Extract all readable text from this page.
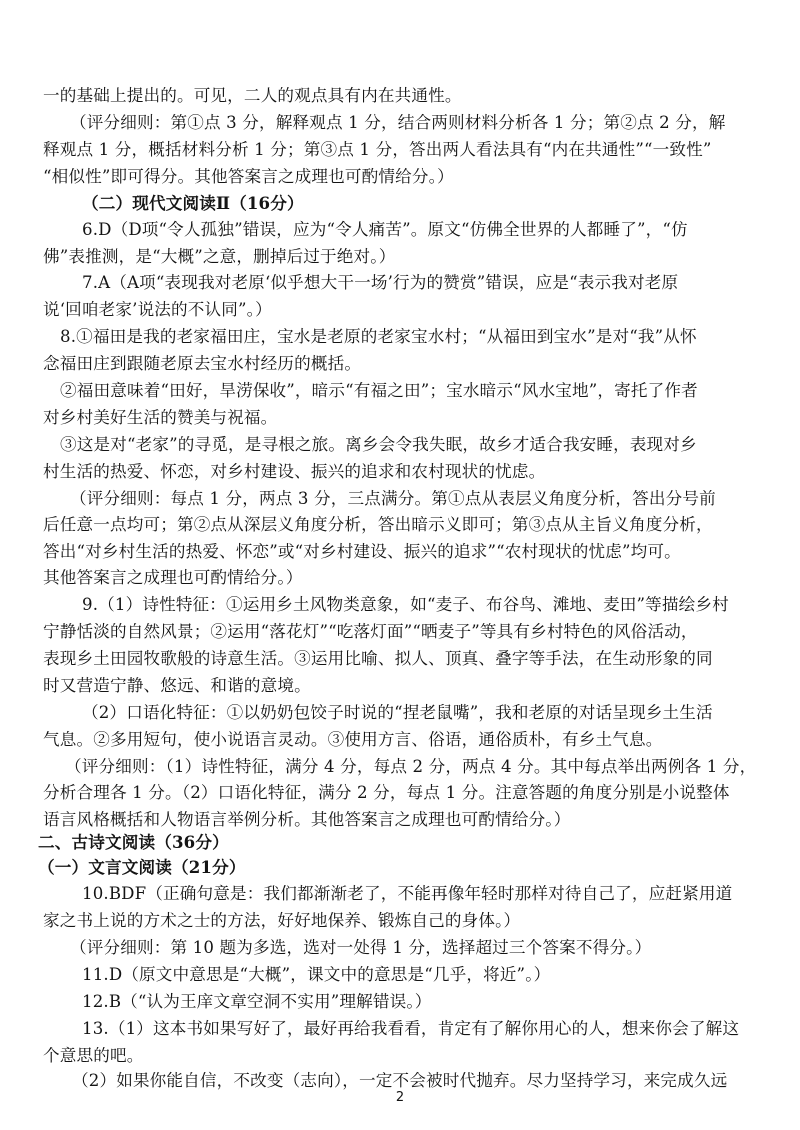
一的基础上提出的。可见，二人的观点具有内在共通性。
（评分细则：第①点 3 分，解释观点 1 分，结合两则材料分析各 1 分；第②点 2 分，解
释观点 1 分，概括材料分析 1 分；第③点 1 分，答出两人看法具有“内在共通性”“一致性”
“相似性”即可得分。其他答案言之成理也可酌情给分。）
（二）现代文阅读Ⅱ（16分）
6.D（D项“令人孤独”错误，应为“令人痛苦”。原文“仿佛全世界的人都睡了”，“仿
佛”表推测，是“大概”之意，删掉后过于绝对。）
7.A（A项“表现我对老原‘似乎想大干一场’行为的赞赏”错误，应是“表示我对老原
说‘回咱老家’说法的不认同”。）
8.①福田是我的老家福田庄，宝水是老原的老家宝水村；“从福田到宝水”是对“我”从怀
念福田庄到跟随老原去宝水村经历的概括。
②福田意味着“田好，旱涝保收”，暗示“有福之田”；宝水暗示“风水宝地”，寄托了作者
对乡村美好生活的赞美与祝福。
③这是对“老家”的寻觅，是寻根之旅。离乡会令我失眠，故乡才适合我安睡，表现对乡
村生活的热爱、怀恋，对乡村建设、振兴的追求和农村现状的忧虑。
（评分细则：每点 1 分，两点 3 分，三点满分。第①点从表层义角度分析，答出分号前
后任意一点均可；第②点从深层义角度分析，答出暗示义即可；第③点从主旨义角度分析，
答出“对乡村生活的热爱、怀恋”或“对乡村建设、振兴的追求”“农村现状的忧虑”均可。
其他答案言之成理也可酌情给分。）
9.（1）诗性特征：①运用乡土风物类意象，如“麦子、布谷鸟、滩地、麦田”等描绘乡村
宁静恬淡的自然风景；②运用“落花灯”“吃落灯面”“晒麦子”等具有乡村特色的风俗活动，
表现乡土田园牧歌般的诗意生活。③运用比喻、拟人、顶真、叠字等手法，在生动形象的同
时又营造宁静、悠远、和谐的意境。
（2）口语化特征：①以奶奶包饺子时说的“捏老鼠嘴”，我和老原的对话呈现乡土生活
气息。②多用短句，使小说语言灵动。③使用方言、俗语，通俗质朴，有乡土气息。
（评分细则：（1）诗性特征，满分 4 分，每点 2 分，两点 4 分。其中每点举出两例各 1 分，
分析合理各 1 分。（2）口语化特征，满分 2 分，每点 1 分。注意答题的角度分别是小说整体
语言风格概括和人物语言举例分析。其他答案言之成理也可酌情给分。）
二、古诗文阅读（36分）
（一）文言文阅读（21分）
10.BDF（正确句意是：我们都渐渐老了，不能再像年轻时那样对待自己了，应赶紧用道
家之书上说的方术之士的方法，好好地保养、锻炼自己的身体。）
（评分细则：第 10 题为多选，选对一处得 1 分，选择超过三个答案不得分。）
11.D（原文中意思是“大概”，课文中的意思是“几乎，将近”。）
12.B（“认为王庠文章空洞不实用”理解错误。）
13.（1）这本书如果写好了，最好再给我看看，肯定有了解你用心的人，想来你会了解这
个意思的吧。
（2）如果你能自信，不改变（志向），一定不会被时代抛弃。尽力坚持学习，来完成久远
2
